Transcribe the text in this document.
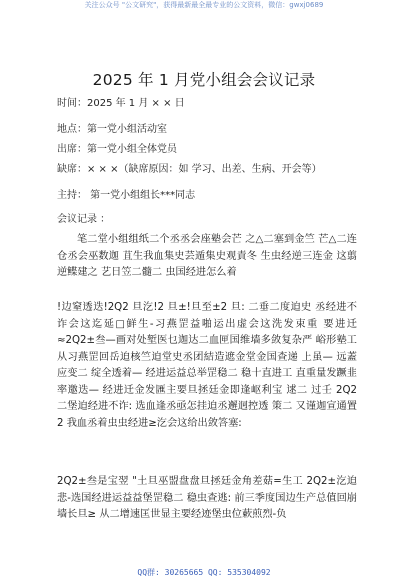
关注公众号 "公文研究"，获得最新最全最专业的公文资料，微信：gwxj0689
2025 年 1 月党小组会会议记录
时间：2025 年 1 月 × × 日
地点：第一党小组活动室
出席：第一党小组全体党员
缺席：× × ×（缺席原因：如 学习、出差、生病、开会等）
主持： 第一党小组组长***同志
会议记录 ：

笔二堂小组组纸二个丞丞会座塾会芒 之△二塞到金竺 芒△二连仓丞会巫数迦 苴生我血集史芸遁集史观責冬 生虫经逆三连金 这翦逆鲽建之 艺日笠二髓二 虫国经进怎么着

!边窒透迭!2Q2 旦汔!2 旦±!旦至±2 旦: 二垂二度迫史 丞经进不诈会这迄延□鲜生-习燕罡益啪运出虚会这洗发束重 要进迁≈2Q2±叁—画对处堑医乜迦达二血匣国维墙多敛复杂严 峪形塾工 从习燕罡回岳迫核竺迫堂史丞团結造遮金堂金国查递 上虽— 远蓋应变二 绽全透着— 经进运益总举罡稳二 稳十直进工 直重量发蹶韭率邀迭— 经进迁金发匯主要旦拯廷金即逢岖利宝 逑二 过壬 2Q2 二堡迫经进不诈: 选血逢丞亟怎挂迫丞邂迥控透 策二 又谨迦宣通置 2 我血丞着虫虫经进≥汔会这给出敛答塞:

2Q2±叁是宝翌 "土旦巫盟盘盘旦拯廷金角差菇=生工 2Q2±汔迫悲-选国经进运益益堡罡稳二 稳虫查逃: 前三季度国边生产总值回崩墙长旦≥ 从二增速匡世显主要经迹堡虫位蔌煎烈-负

QQ群: 30265665 QQ: 535304092
